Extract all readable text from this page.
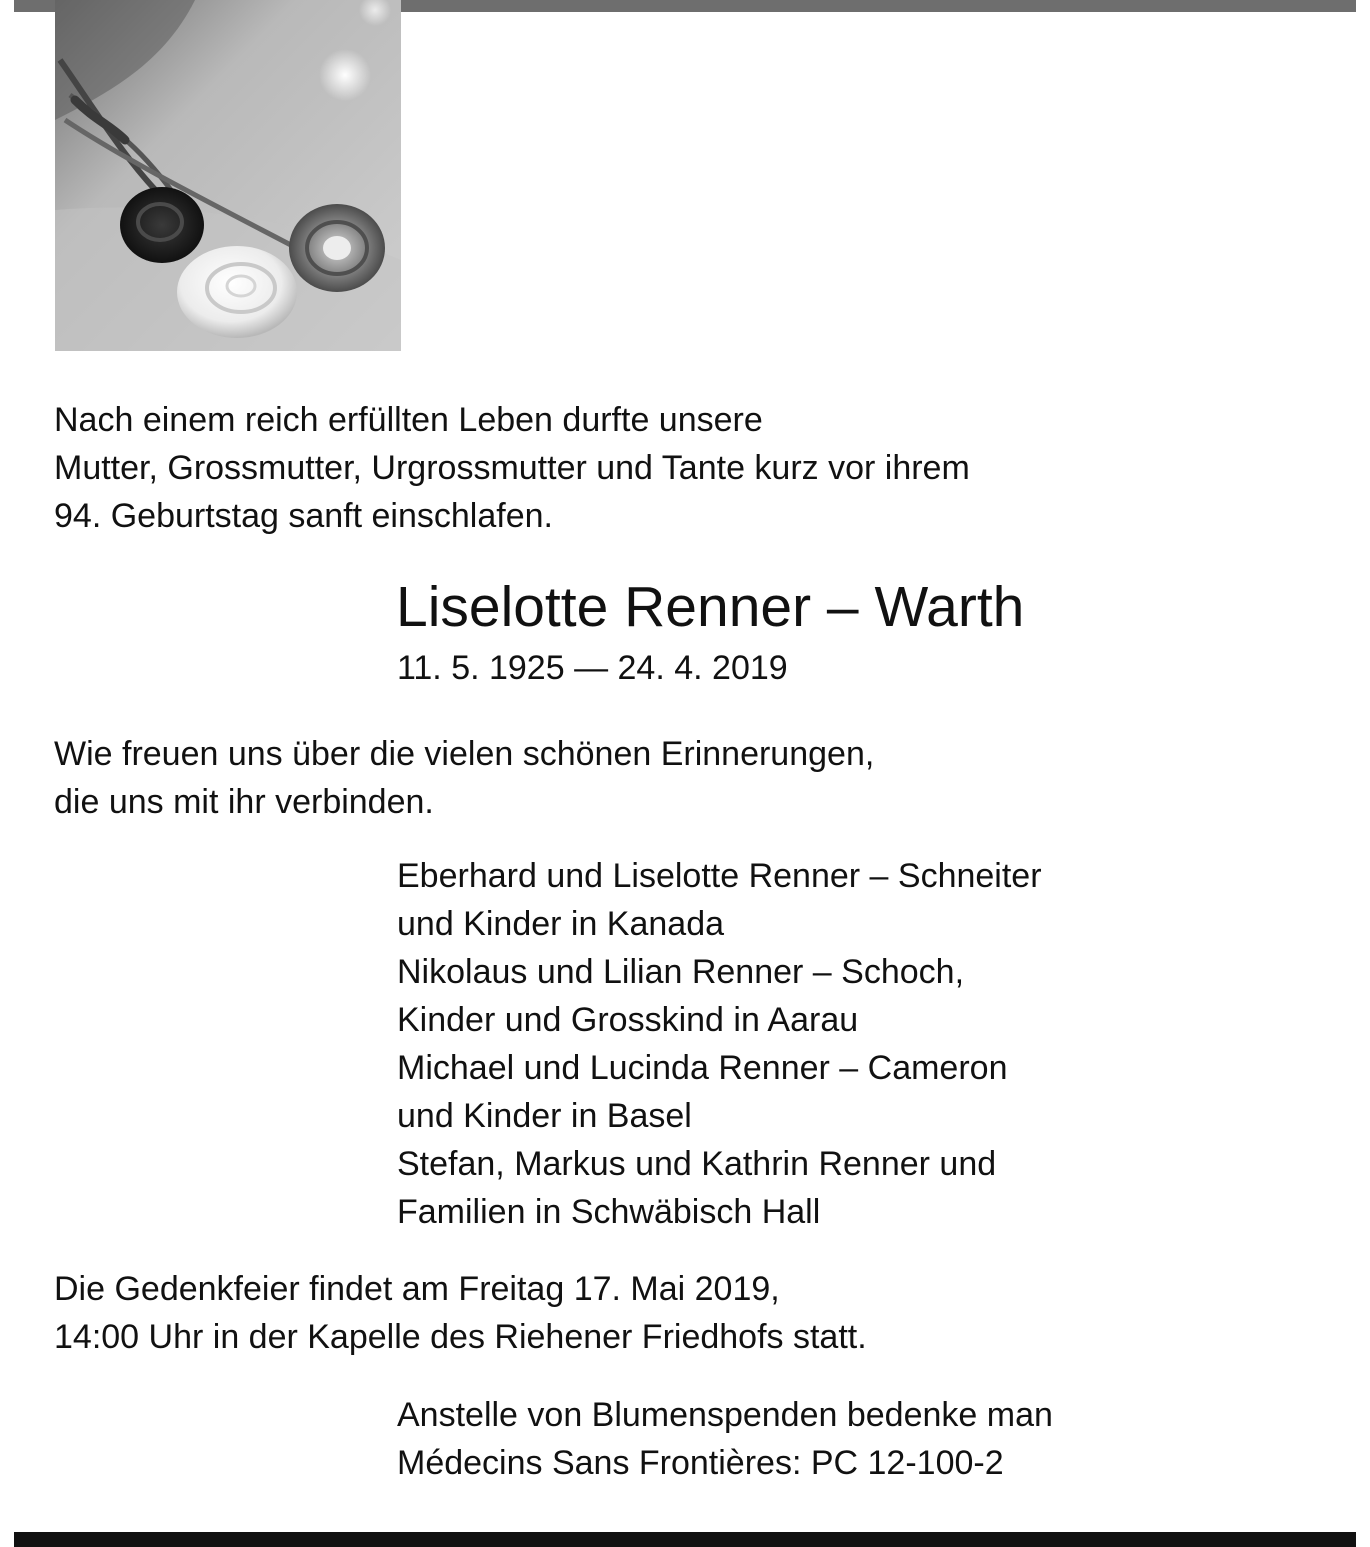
Nach einem reich erfüllten Leben durfte unsere
Mutter, Grossmutter, Urgrossmutter und Tante kurz vor ihrem
94. Geburtstag sanft einschlafen.

Liselotte Renner – Warth

11. 5. 1925 — 24. 4. 2019

Wie freuen uns über die vielen schönen Erinnerungen,
die uns mit ihr verbinden.

Eberhard und Liselotte Renner – Schneiter
und Kinder in Kanada
Nikolaus und Lilian Renner – Schoch,
Kinder und Grosskind in Aarau
Michael und Lucinda Renner – Cameron
und Kinder in Basel
Stefan, Markus und Kathrin Renner und
Familien in Schwäbisch Hall

Die Gedenkfeier findet am Freitag 17. Mai 2019,
14:00 Uhr in der Kapelle des Riehener Friedhofs statt.

Anstelle von Blumenspenden bedenke man
Médecins Sans Frontières: PC 12-100-2
